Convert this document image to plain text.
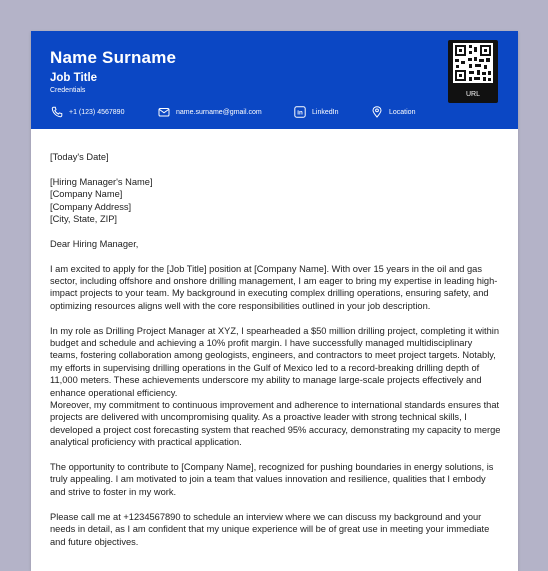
Name Surname
Job Title
Credentials
+1 (123) 4567890	name.surname@gmail.com	in LinkedIn	Location
URL

[Today's Date]

[Hiring Manager's Name]
[Company Name]
[Company Address]
[City, State, ZIP]

Dear Hiring Manager,

I am excited to apply for the [Job Title] position at [Company Name]. With over 15 years in the oil and gas sector, including offshore and onshore drilling management, I am eager to bring my expertise in leading high-impact projects to your team. My background in executing complex drilling operations, ensuring safety, and optimizing resources aligns well with the core responsibilities outlined in your job description.

In my role as Drilling Project Manager at XYZ, I spearheaded a $50 million drilling project, completing it within budget and schedule and achieving a 10% profit margin. I have successfully managed multidisciplinary teams, fostering collaboration among geologists, engineers, and contractors to meet project targets. Notably, my efforts in supervising drilling operations in the Gulf of Mexico led to a record-breaking drilling depth of 11,000 meters. These achievements underscore my ability to manage large-scale projects effectively and enhance operational efficiency.
Moreover, my commitment to continuous improvement and adherence to international standards ensures that projects are delivered with uncompromising quality. As a proactive leader with strong technical skills, I developed a project cost forecasting system that reached 95% accuracy, demonstrating my capacity to merge analytical proficiency with practical application.

The opportunity to contribute to [Company Name], recognized for pushing boundaries in energy solutions, is truly appealing. I am motivated to join a team that values innovation and resilience, qualities that I embody and strive to foster in my work.

Please call me at +1234567890 to schedule an interview where we can discuss my background and your needs in detail, as I am confident that my unique experience will be of great use in meeting your immediate and future objectives.
